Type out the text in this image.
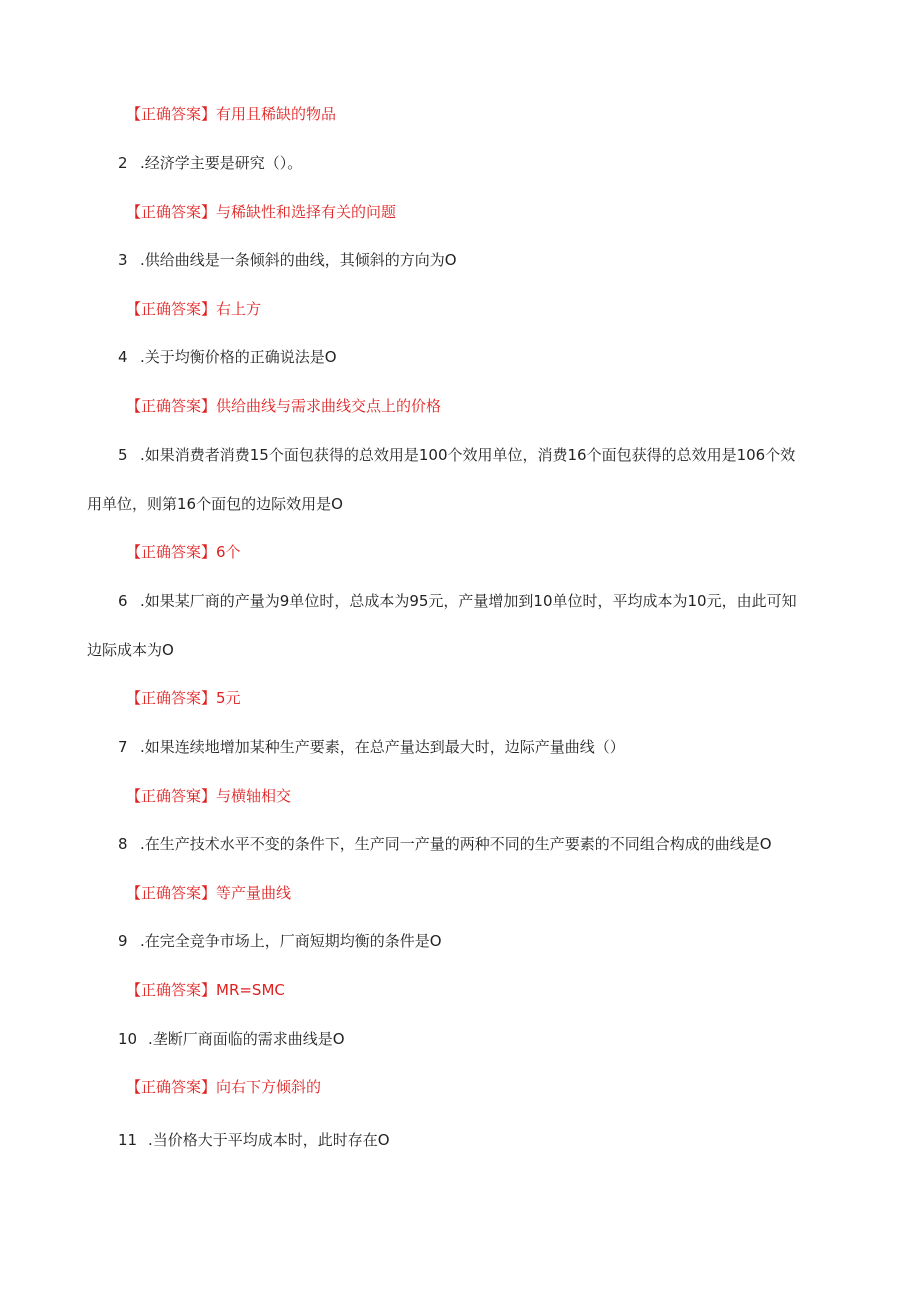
【正确答案】有用且稀缺的物品
2 .经济学主要是研究（）。
【正确答案】与稀缺性和选择有关的问题
3 .供给曲线是一条倾斜的曲线，其倾斜的方向为O
【正确答案】右上方
4 .关于均衡价格的正确说法是O
【正确答案】供给曲线与需求曲线交点上的价格
5 .如果消费者消费15个面包获得的总效用是100个效用单位，消费16个面包获得的总效用是106个效
用单位，则第16个面包的边际效用是O
【正确答案】6个
6 .如果某厂商的产量为9单位时，总成本为95元，产量增加到10单位时，平均成本为10元，由此可知
边际成本为O
【正确答案】5元
7 .如果连续地增加某种生产要素，在总产量达到最大时，边际产量曲线（）
【正确答窠】与横轴相交
8 .在生产技术水平不变的条件下，生产同一产量的两种不同的生产要素的不同组合构成的曲线是O
【正确答案】等产量曲线
9 .在完全竞争市场上，厂商短期均衡的条件是O
【正确答案】MR=SMC
10 .垄断厂商面临的需求曲线是O
【正确答案】向右下方倾斜的
11 .当价格大于平均成本时，此时存在O
